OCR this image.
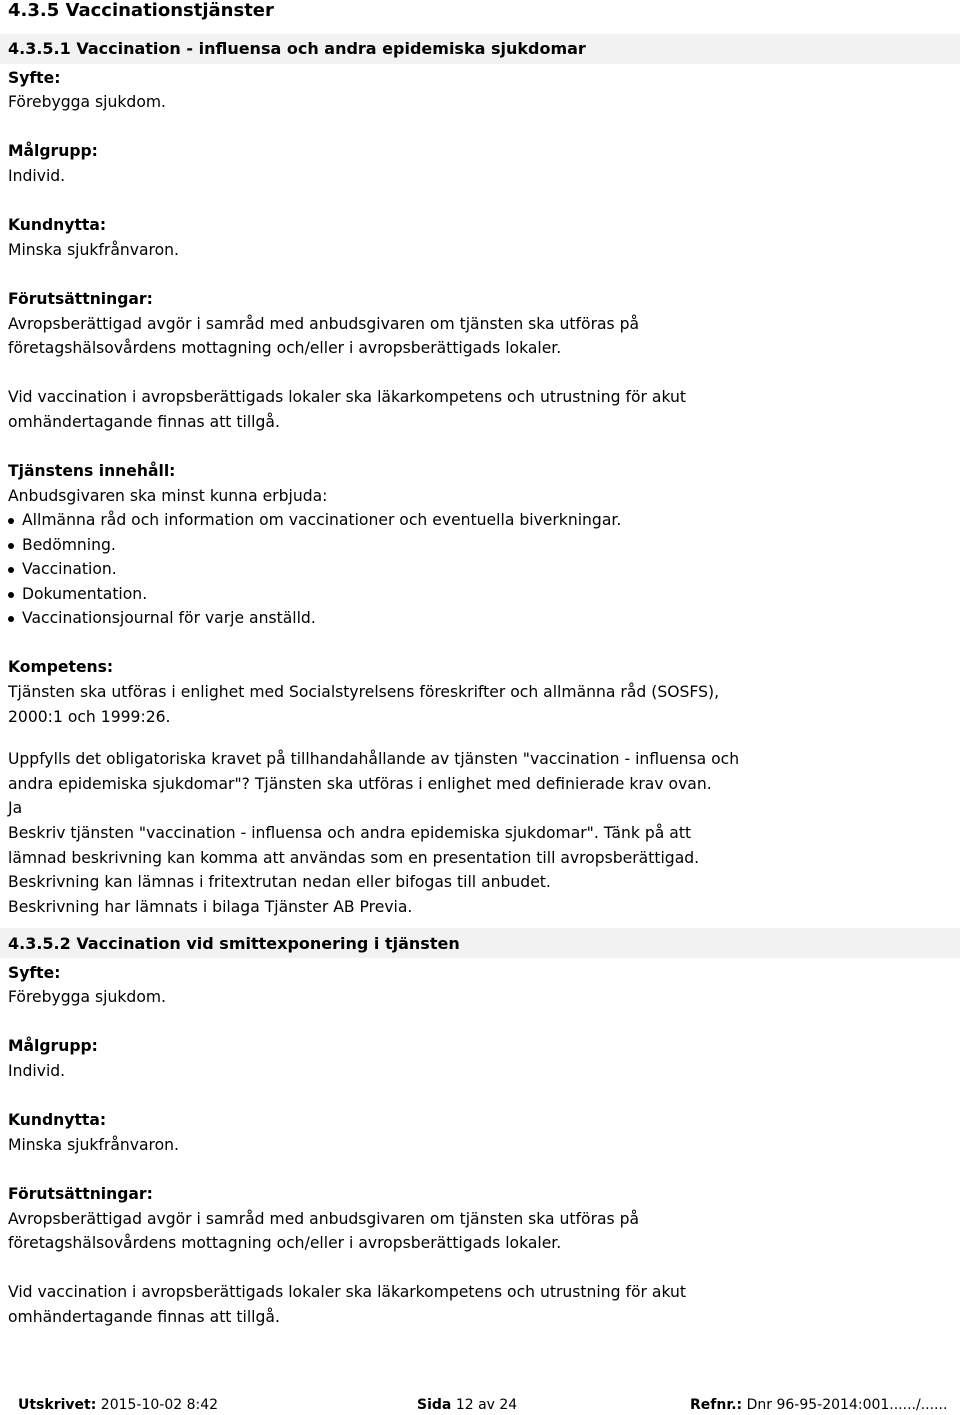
4.3.5 Vaccinationstjänster
4.3.5.1 Vaccination - influensa och andra epidemiska sjukdomar
Syfte:
Förebygga sjukdom.
Målgrupp:
Individ.
Kundnytta:
Minska sjukfrånvaron.
Förutsättningar:
Avropsberättigad avgör i samråd med anbudsgivaren om tjänsten ska utföras på
företagshälsovårdens mottagning och/eller i avropsberättigads lokaler.
Vid vaccination i avropsberättigads lokaler ska läkarkompetens och utrustning för akut
omhändertagande finnas att tillgå.
Tjänstens innehåll:
Anbudsgivaren ska minst kunna erbjuda:
Allmänna råd och information om vaccinationer och eventuella biverkningar.
Bedömning.
Vaccination.
Dokumentation.
Vaccinationsjournal för varje anställd.
Kompetens:
Tjänsten ska utföras i enlighet med Socialstyrelsens föreskrifter och allmänna råd (SOSFS),
2000:1 och 1999:26.
Uppfylls det obligatoriska kravet på tillhandahållande av tjänsten "vaccination - influensa och
andra epidemiska sjukdomar"? Tjänsten ska utföras i enlighet med definierade krav ovan.
Ja
Beskriv tjänsten "vaccination - influensa och andra epidemiska sjukdomar". Tänk på att
lämnad beskrivning kan komma att användas som en presentation till avropsberättigad.
Beskrivning kan lämnas i fritextrutan nedan eller bifogas till anbudet.
Beskrivning har lämnats i bilaga Tjänster AB Previa.
4.3.5.2 Vaccination vid smittexponering i tjänsten
Syfte:
Förebygga sjukdom.
Målgrupp:
Individ.
Kundnytta:
Minska sjukfrånvaron.
Förutsättningar:
Avropsberättigad avgör i samråd med anbudsgivaren om tjänsten ska utföras på
företagshälsovårdens mottagning och/eller i avropsberättigads lokaler.
Vid vaccination i avropsberättigads lokaler ska läkarkompetens och utrustning för akut
omhändertagande finnas att tillgå.
Utskrivet: 2015-10-02 8:42	Sida 12 av 24	Refnr.: Dnr 96-95-2014:001....../......
